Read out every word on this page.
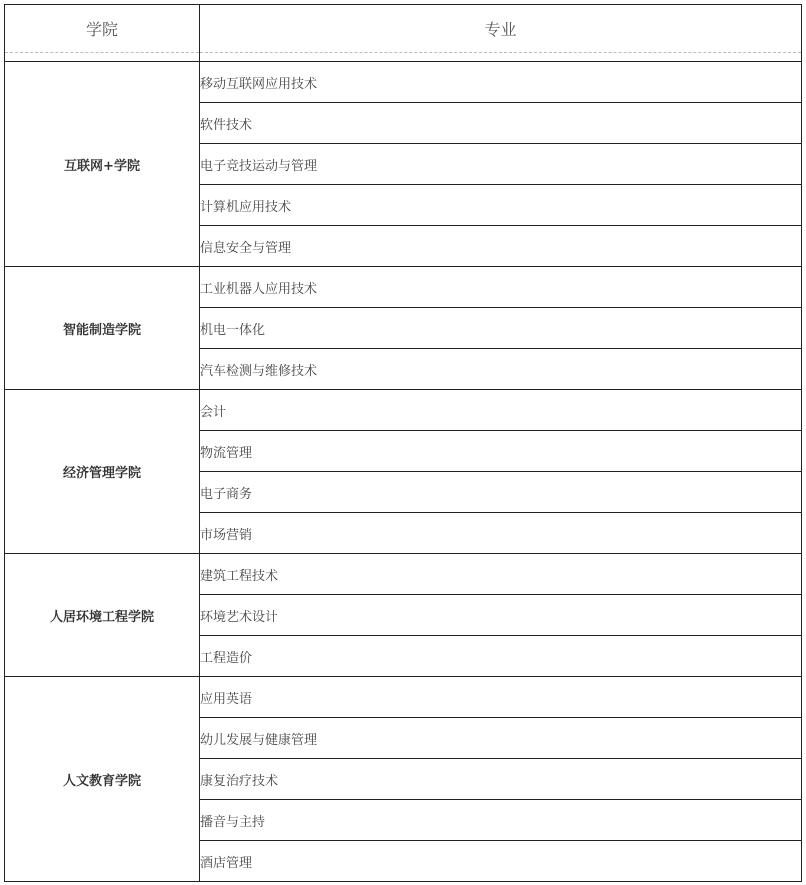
学院	专业

互联网+学院	移动互联网应用技术
	软件技术
	电子竞技运动与管理
	计算机应用技术
	信息安全与管理
智能制造学院	工业机器人应用技术
	机电一体化
	汽车检测与维修技术
经济管理学院	会计
	物流管理
	电子商务
	市场营销
人居环境工程学院	建筑工程技术
	环境艺术设计
	工程造价
人文教育学院	应用英语
	幼儿发展与健康管理
	康复治疗技术
	播音与主持
	酒店管理
